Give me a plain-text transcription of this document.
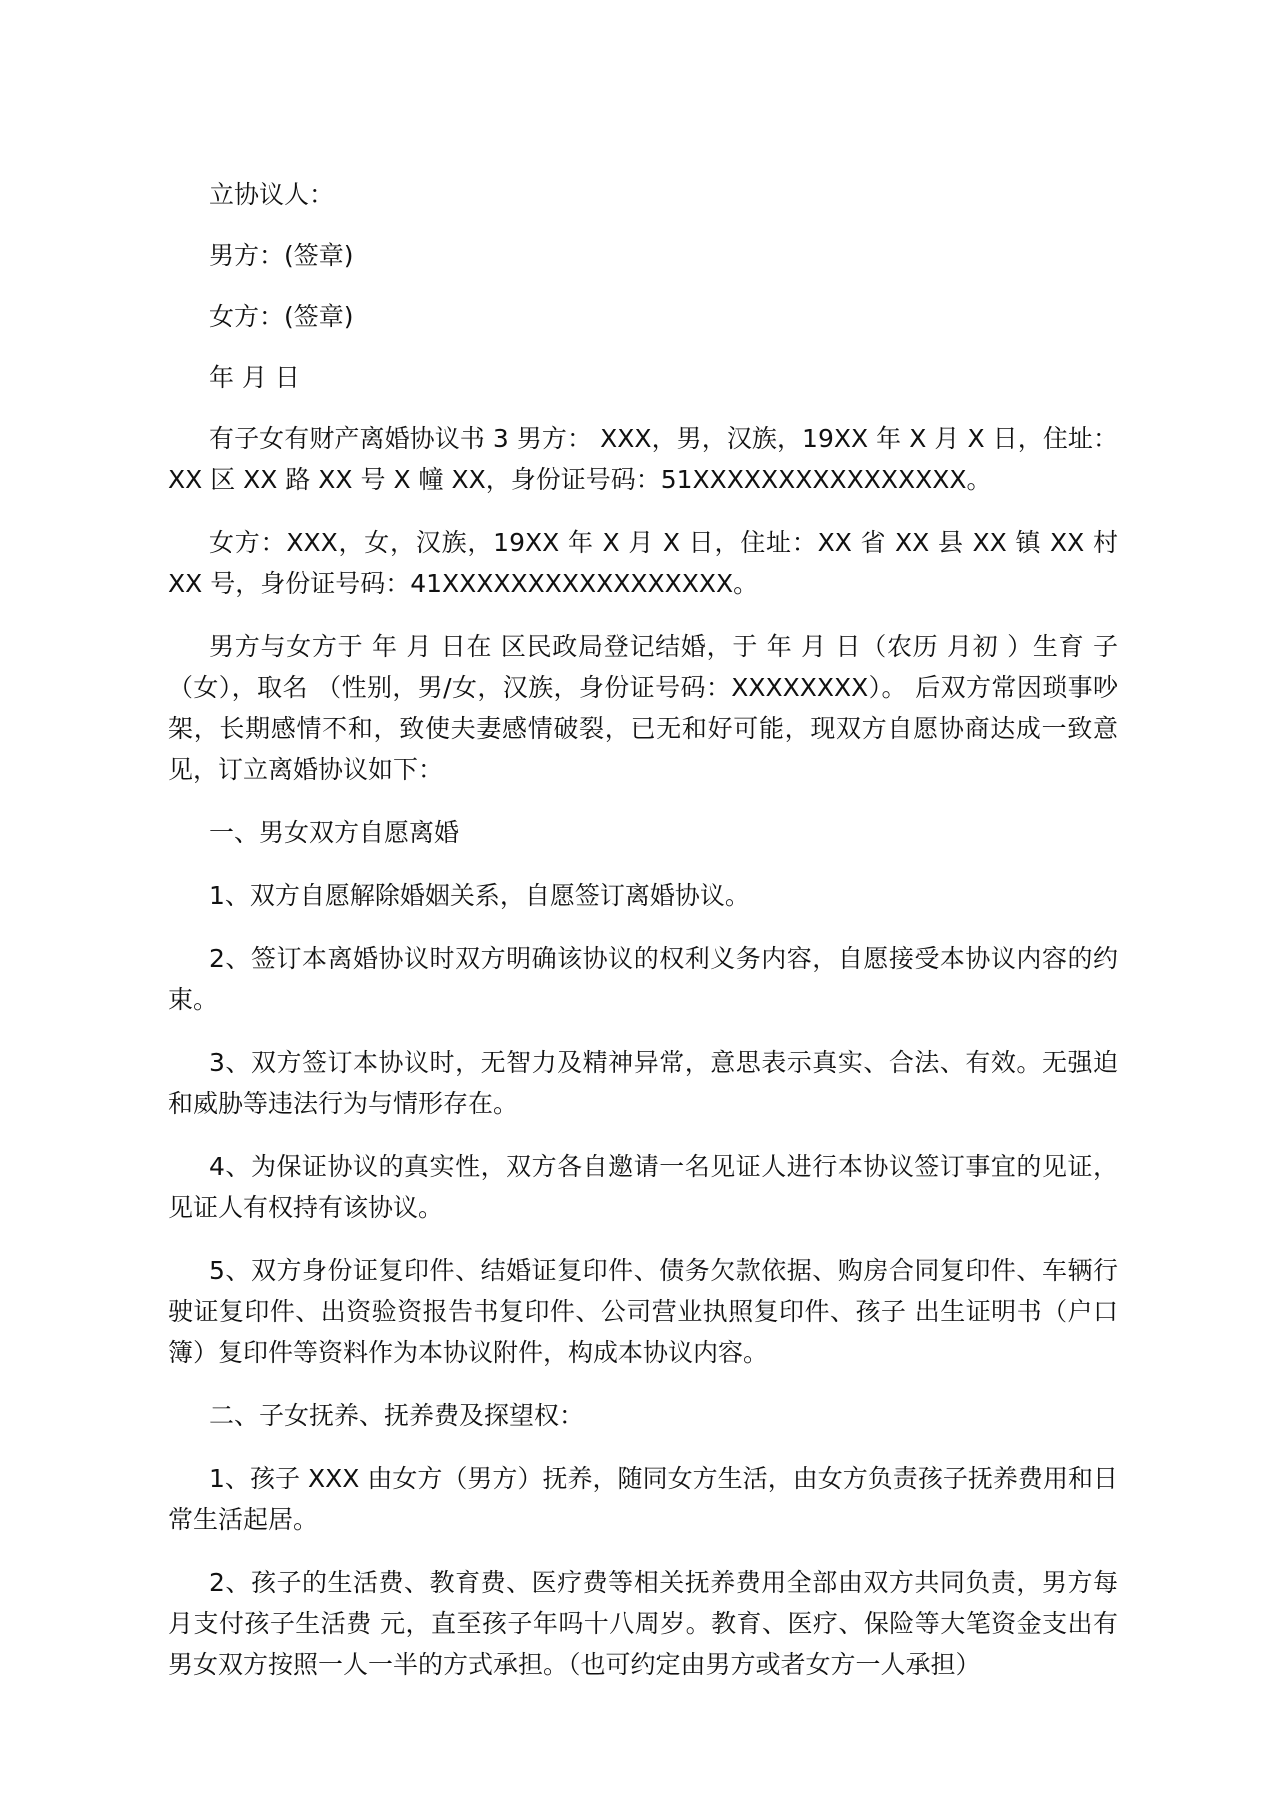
立协议人：

男方：(签章)

女方：(签章)

年 月 日

有子女有财产离婚协议书 3 男方： XXX，男，汉族，19XX 年 X 月 X 日，住址：XX 区 XX 路 XX 号 X 幢 XX，身份证号码：51XXXXXXXXXXXXXXXX。

女方：XXX，女，汉族，19XX 年 X 月 X 日，住址：XX 省 XX 县 XX 镇 XX 村 XX 号，身份证号码：41XXXXXXXXXXXXXXXXX。

男方与女方于 年 月 日在 区民政局登记结婚，于 年 月 日（农历 月初 ）生育 子（女），取名 （性别，男/女，汉族，身份证号码：XXXXXXXX）。 后双方常因琐事吵架，长期感情不和，致使夫妻感情破裂，已无和好可能，现双方自愿协商达成一致意见，订立离婚协议如下：

一、男女双方自愿离婚

1、双方自愿解除婚姻关系，自愿签订离婚协议。

2、签订本离婚协议时双方明确该协议的权利义务内容，自愿接受本协议内容的约束。

3、双方签订本协议时，无智力及精神异常，意思表示真实、合法、有效。无强迫和威胁等违法行为与情形存在。

4、为保证协议的真实性，双方各自邀请一名见证人进行本协议签订事宜的见证，见证人有权持有该协议。

5、双方身份证复印件、结婚证复印件、债务欠款依据、购房合同复印件、车辆行驶证复印件、出资验资报告书复印件、公司营业执照复印件、孩子 出生证明书（户口簿）复印件等资料作为本协议附件，构成本协议内容。

二、子女抚养、抚养费及探望权：

1、孩子 XXX 由女方（男方）抚养，随同女方生活，由女方负责孩子抚养费用和日常生活起居。

2、孩子的生活费、教育费、医疗费等相关抚养费用全部由双方共同负责，男方每月支付孩子生活费 元，直至孩子年吗十八周岁。教育、医疗、保险等大笔资金支出有男女双方按照一人一半的方式承担。（也可约定由男方或者女方一人承担）
